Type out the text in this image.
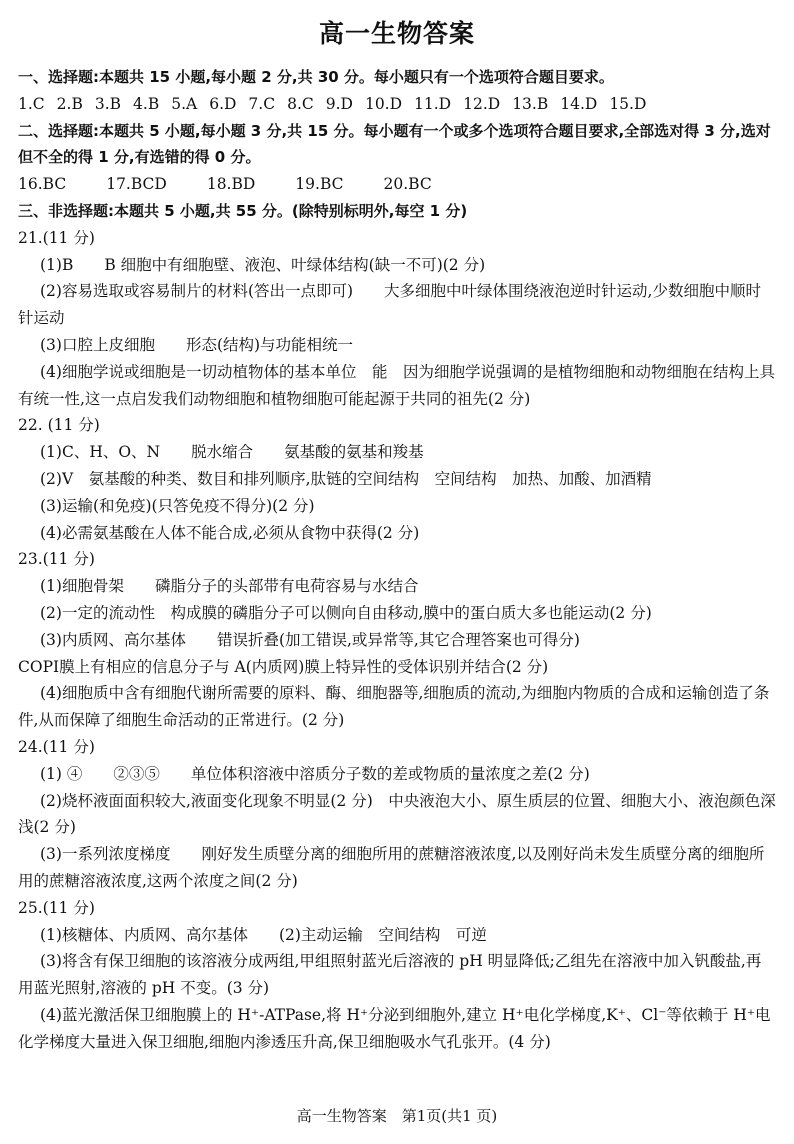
高一生物答案
一、选择题:本题共 15 小题,每小题 2 分,共 30 分。每小题只有一个选项符合题目要求。
1.C 2.B 3.B 4.B 5.A 6.D 7.C 8.C 9.D 10.D 11.D 12.D 13.B 14.D 15.D
二、选择题:本题共 5 小题,每小题 3 分,共 15 分。每小题有一个或多个选项符合题目要求,全部选对得 3 分,选对但不全的得 1 分,有选错的得 0 分。
16.BC	17.BCD	18.BD	19.BC	20.BC
三、非选择题:本题共 5 小题,共 55 分。(除特别标明外,每空 1 分)
21.(11 分)
(1)B　　B 细胞中有细胞壁、液泡、叶绿体结构(缺一不可)(2 分)
(2)容易选取或容易制片的材料(答出一点即可)　　大多细胞中叶绿体围绕液泡逆时针运动,少数细胞中顺时针运动
(3)口腔上皮细胞　　形态(结构)与功能相统一
(4)细胞学说或细胞是一切动植物体的基本单位　能　因为细胞学说强调的是植物细胞和动物细胞在结构上具有统一性,这一点启发我们动物细胞和植物细胞可能起源于共同的祖先(2 分)
22. (11 分)
(1)C、H、O、N　　脱水缩合　　氨基酸的氨基和羧基
(2)V　氨基酸的种类、数目和排列顺序,肽链的空间结构　空间结构　加热、加酸、加酒精
(3)运输(和免疫)(只答免疫不得分)(2 分)
(4)必需氨基酸在人体不能合成,必须从食物中获得(2 分)
23.(11 分)
(1)细胞骨架　　磷脂分子的头部带有电荷容易与水结合
(2)一定的流动性　构成膜的磷脂分子可以侧向自由移动,膜中的蛋白质大多也能运动(2 分)
(3)内质网、高尔基体　　错误折叠(加工错误,或异常等,其它合理答案也可得分)
COPI膜上有相应的信息分子与 A(内质网)膜上特异性的受体识别并结合(2 分)
(4)细胞质中含有细胞代谢所需要的原料、酶、细胞器等,细胞质的流动,为细胞内物质的合成和运输创造了条件,从而保障了细胞生命活动的正常进行。(2 分)
24.(11 分)
(1) ④　　②③⑤　　单位体积溶液中溶质分子数的差或物质的量浓度之差(2 分)
(2)烧杯液面面积较大,液面变化现象不明显(2 分)　中央液泡大小、原生质层的位置、细胞大小、液泡颜色深浅(2 分)
(3)一系列浓度梯度　　刚好发生质壁分离的细胞所用的蔗糖溶液浓度,以及刚好尚未发生质壁分离的细胞所用的蔗糖溶液浓度,这两个浓度之间(2 分)
25.(11 分)
(1)核糖体、内质网、高尔基体　　(2)主动运输　空间结构　可逆
(3)将含有保卫细胞的该溶液分成两组,甲组照射蓝光后溶液的 pH 明显降低;乙组先在溶液中加入钒酸盐,再用蓝光照射,溶液的 pH 不变。(3 分)
(4)蓝光激活保卫细胞膜上的 H⁺-ATPase,将 H⁺分泌到细胞外,建立 H⁺电化学梯度,K⁺、Cl⁻等依赖于 H⁺电化学梯度大量进入保卫细胞,细胞内渗透压升高,保卫细胞吸水气孔张开。(4 分)
高一生物答案　第1页(共1 页)
